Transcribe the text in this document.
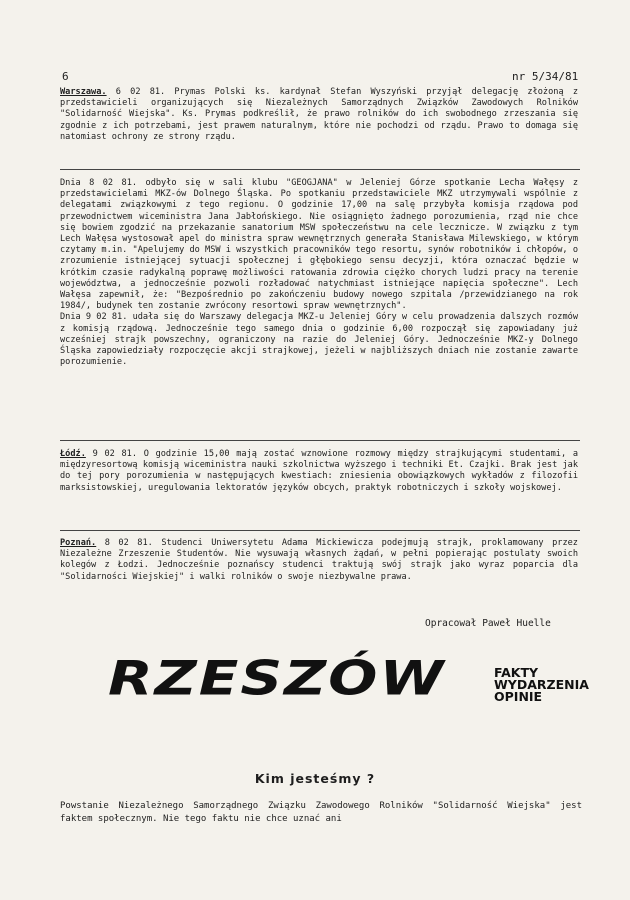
6	nr 5/34/81

Warszawa. 6 02 81. Prymas Polski ks. kardynał Stefan Wyszyński przyjął delegację złożoną z przedstawicieli organizujących się Niezależnych Samorządnych Związków Zawodowych Rolników "Solidarność Wiejska". Ks. Prymas podkreślił, że prawo rolników do ich swobodnego zrzeszania się zgodnie z ich potrzebami, jest prawem naturalnym, które nie pochodzi od rządu. Prawo to domaga się natomiast ochrony ze strony rządu.

Dnia 8 02 81. odbyło się w sali klubu "GEOGJANA" w Jeleniej Górze spotkanie Lecha Wałęsy z przedstawicielami MKZ-ów Dolnego Śląska. Po spotkaniu przedstawiciele MKZ utrzymywali wspólnie z delegatami związkowymi z tego regionu. O godzinie 17,00 na salę przybyła komisja rządowa pod przewodnictwem wiceministra Jana Jabłońskiego. Nie osiągnięto żadnego porozumienia, rząd nie chce się bowiem zgodzić na przekazanie sanatorium MSW społeczeństwu na cele lecznicze. W związku z tym Lech Wałęsa wystosował apel do ministra spraw wewnętrznych generała Stanisława Milewskiego, w którym czytamy m.in. "Apelujemy do MSW i wszystkich pracowników tego resortu, synów robotników i chłopów, o zrozumienie istniejącej sytuacji społecznej i głębokiego sensu decyzji, która oznaczać będzie w krótkim czasie radykalną poprawę możliwości ratowania zdrowia ciężko chorych ludzi pracy na terenie województwa, a jednocześnie pozwoli rozładować natychmiast istniejące napięcia społeczne". Lech Wałęsa zapewnił, że: "Bezpośrednio po zakończeniu budowy nowego szpitala /przewidzianego na rok 1984/, budynek ten zostanie zwrócony resortowi spraw wewnętrznych".
Dnia 9 02 81. udała się do Warszawy delegacja MKZ-u Jeleniej Góry w celu prowadzenia dalszych rozmów z komisją rządową. Jednocześnie tego samego dnia o godzinie 6,00 rozpoczął się zapowiadany już wcześniej strajk powszechny, ograniczony na razie do Jeleniej Góry. Jednocześnie MKZ-y Dolnego Śląska zapowiedziały rozpoczęcie akcji strajkowej, jeżeli w najbliższych dniach nie zostanie zawarte porozumienie.

Łódź. 9 02 81. O godzinie 15,00 mają zostać wznowione rozmowy między strajkującymi studentami, a międzyresortową komisją wiceministra nauki szkolnictwa wyższego i techniki Et. Czajki. Brak jest jak do tej pory porozumienia w następujących kwestiach: zniesienia obowiązkowych wykładów z filozofii marksistowskiej, uregulowania lektoratów języków obcych, praktyk robotniczych i szkoły wojskowej.

Poznań. 8 02 81. Studenci Uniwersytetu Adama Mickiewicza podejmują strajk, proklamowany przez Niezależne Zrzeszenie Studentów. Nie wysuwają własnych żądań, w pełni popierając postulaty swoich kolegów z Łodzi. Jednocześnie poznańscy studenci traktują swój strajk jako wyraz poparcia dla "Solidarności Wiejskiej" i walki rolników o swoje niezbywalne prawa.

Opracował Paweł Huelle
RZESZÓW	FAKTY
WYDARZENIA
OPINIE
Kim jesteśmy ?
Powstanie Niezależnego Samorządnego Związku Zawodowego Rolników "Solidarność Wiejska" jest faktem społecznym. Nie tego faktu nie chce uznać ani
